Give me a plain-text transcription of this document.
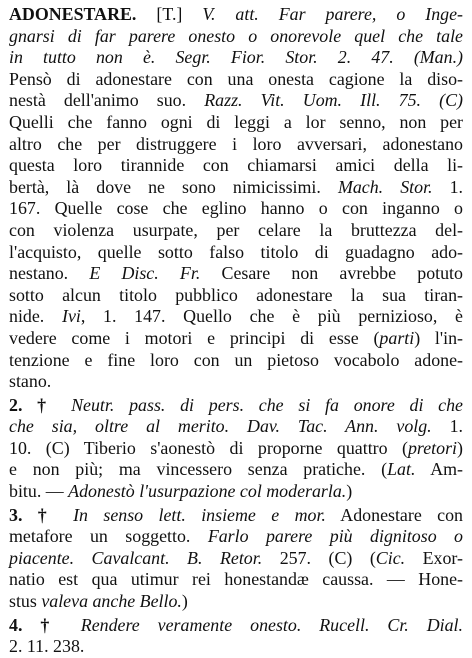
ADONESTARE. [T.] V. att. Far parere, o Inge-
gnarsi di far parere onesto o onorevole quel che tale
in tutto non è. Segr. Fior. Stor. 2. 47. (Man.)
Pensò di adonestare con una onesta cagione la diso-
nestà dell'animo suo. Razz. Vit. Uom. Ill. 75. (C)
Quelli che fanno ogni di leggi a lor senno, non per
altro che per distruggere i loro avversari, adonestano
questa loro tirannide con chiamarsi amici della li-
bertà, là dove ne sono nimicissimi. Mach. Stor. 1.
167. Quelle cose che eglino hanno o con inganno o
con violenza usurpate, per celare la bruttezza del-
l'acquisto, quelle sotto falso titolo di guadagno ado-
nestano. E Disc. Fr. Cesare non avrebbe potuto
sotto alcun titolo pubblico adonestare la sua tiran-
nide. Ivi, 1. 147. Quello che è più pernizioso, è
vedere come i motori e principi di esse (parti) l'in-
tenzione e fine loro con un pietoso vocabolo adone-
stano.
2. † Neutr. pass. di pers. che si fa onore di che
che sia, oltre al merito. Dav. Tac. Ann. volg. 1.
10. (C) Tiberio s'aonestò di proporne quattro (pretori)
e non più; ma vincessero senza pratiche. (Lat. Am-
bitu. — Adonestò l'usurpazione col moderarla.)
3. † In senso lett. insieme e mor. Adonestare con
metafore un soggetto. Farlo parere più dignitoso o
piacente. Cavalcant. B. Retor. 257. (C) (Cic. Exor-
natio est qua utimur rei honestandæ caussa. — Hone-
stus valeva anche Bello.)
4. † Rendere veramente onesto. Rucell. Cr. Dial.
2. 11. 238.
